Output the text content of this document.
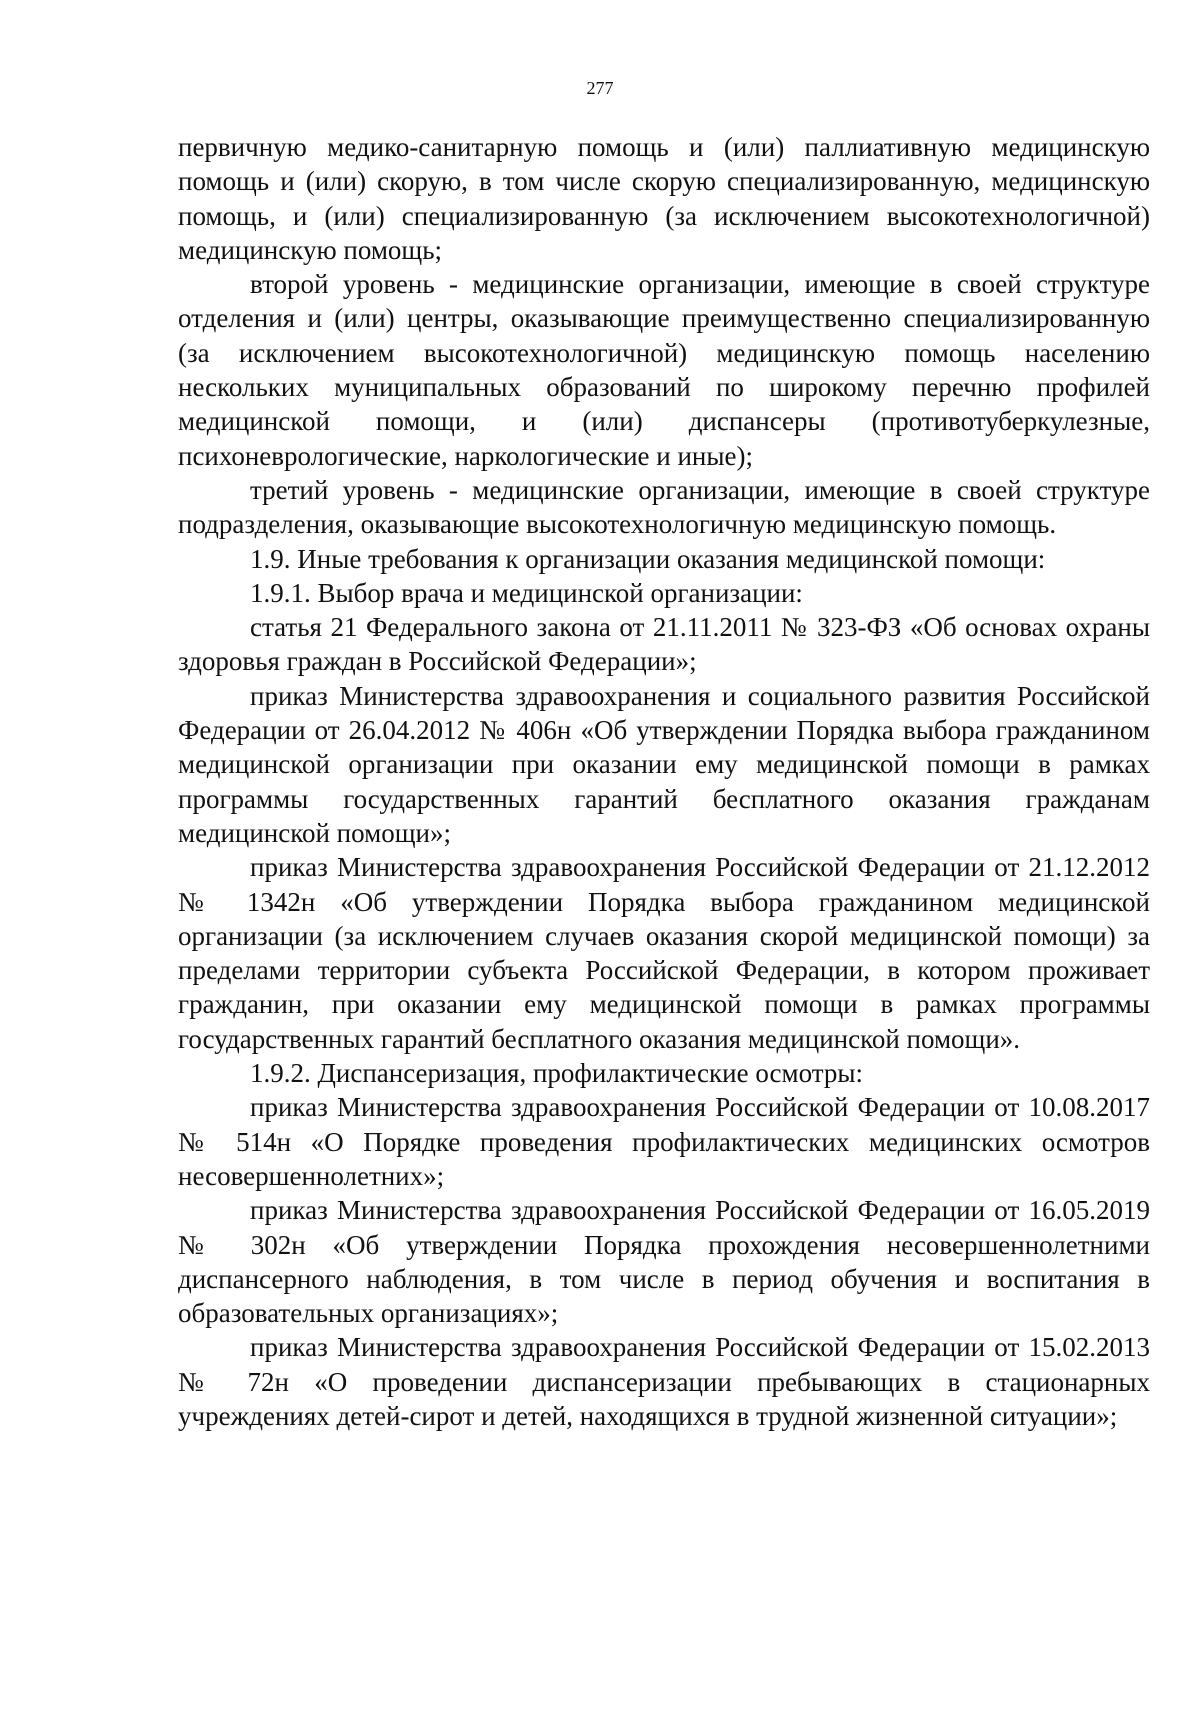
277

первичную медико-санитарную помощь и (или) паллиативную медицинскую помощь и (или) скорую, в том числе скорую специализированную, медицинскую помощь, и (или) специализированную (за исключением высокотехнологичной) медицинскую помощь;

второй уровень - медицинские организации, имеющие в своей структуре отделения и (или) центры, оказывающие преимущественно специализированную (за исключением высокотехнологичной) медицинскую помощь населению нескольких муниципальных образований по широкому перечню профилей медицинской помощи, и (или) диспансеры (противотуберкулезные, психоневрологические, наркологические и иные);

третий уровень - медицинские организации, имеющие в своей структуре подразделения, оказывающие высокотехнологичную медицинскую помощь.

1.9. Иные требования к организации оказания медицинской помощи:

1.9.1. Выбор врача и медицинской организации:

статья 21 Федерального закона от 21.11.2011 № 323-ФЗ «Об основах охраны здоровья граждан в Российской Федерации»;

приказ Министерства здравоохранения и социального развития Российской Федерации от 26.04.2012 № 406н «Об утверждении Порядка выбора гражданином медицинской организации при оказании ему медицинской помощи в рамках программы государственных гарантий бесплатного оказания гражданам медицинской помощи»;

приказ Министерства здравоохранения Российской Федерации от 21.12.2012 № 1342н «Об утверждении Порядка выбора гражданином медицинской организации (за исключением случаев оказания скорой медицинской помощи) за пределами территории субъекта Российской Федерации, в котором проживает гражданин, при оказании ему медицинской помощи в рамках программы государственных гарантий бесплатного оказания медицинской помощи».

1.9.2. Диспансеризация, профилактические осмотры:

приказ Министерства здравоохранения Российской Федерации от 10.08.2017 № 514н «О Порядке проведения профилактических медицинских осмотров несовершеннолетних»;

приказ Министерства здравоохранения Российской Федерации от 16.05.2019 № 302н «Об утверждении Порядка прохождения несовершеннолетними диспансерного наблюдения, в том числе в период обучения и воспитания в образовательных организациях»;

приказ Министерства здравоохранения Российской Федерации от 15.02.2013 № 72н «О проведении диспансеризации пребывающих в стационарных учреждениях детей-сирот и детей, находящихся в трудной жизненной ситуации»;
